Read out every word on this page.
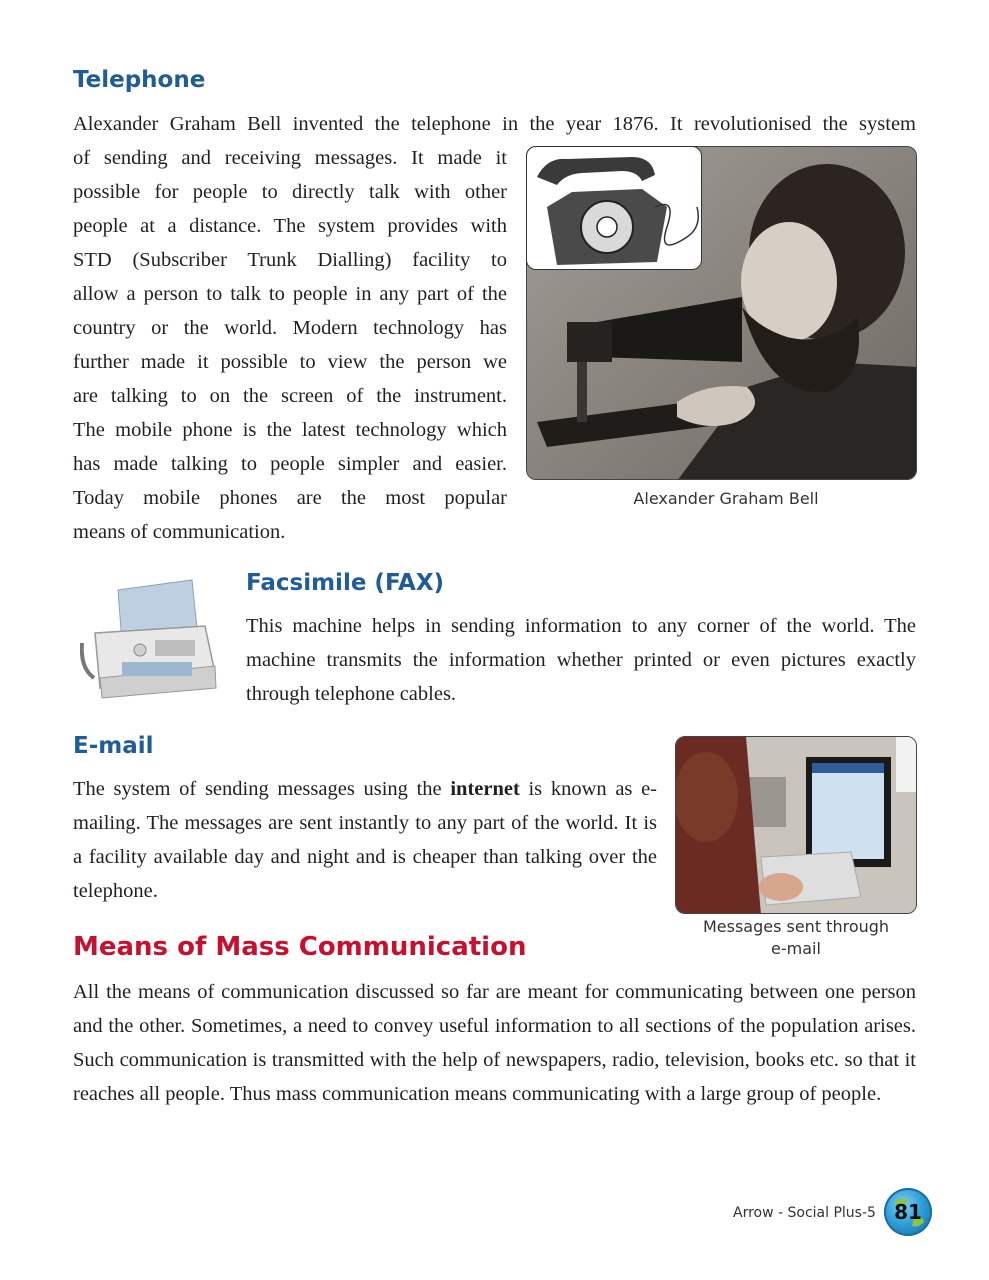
Telephone

Alexander Graham Bell invented the telephone in the year 1876. It revolutionised the system

of sending and receiving messages. It made it
possible for people to directly talk with other
people at a distance. The system provides with
STD (Subscriber Trunk Dialling) facility to
allow a person to talk to people in any part of the
country or the world. Modern technology has
further made it possible to view the person we
are talking to on the screen of the instrument.
The mobile phone is the latest technology which
has made talking to people simpler and easier.
Today mobile phones are the most popular
means of communication.
Alexander Graham Bell
Facsimile (FAX)

This machine helps in sending information to any corner of the world. The machine transmits the information whether printed or even pictures exactly through telephone cables.

E-mail

The system of sending messages using the internet is known as e-mailing. The messages are sent instantly to any part of the world. It is a facility available day and night and is cheaper than talking over the telephone.

Messages sent through
e-mail
Means of Mass Communication

All the means of communication discussed so far are meant for communicating between one person and the other. Sometimes, a need to convey useful information to all sections of the population arises. Such communication is transmitted with the help of newspapers, radio, television, books etc. so that it reaches all people. Thus mass communication means communicating with a large group of people.

Arrow - Social Plus-5 81
